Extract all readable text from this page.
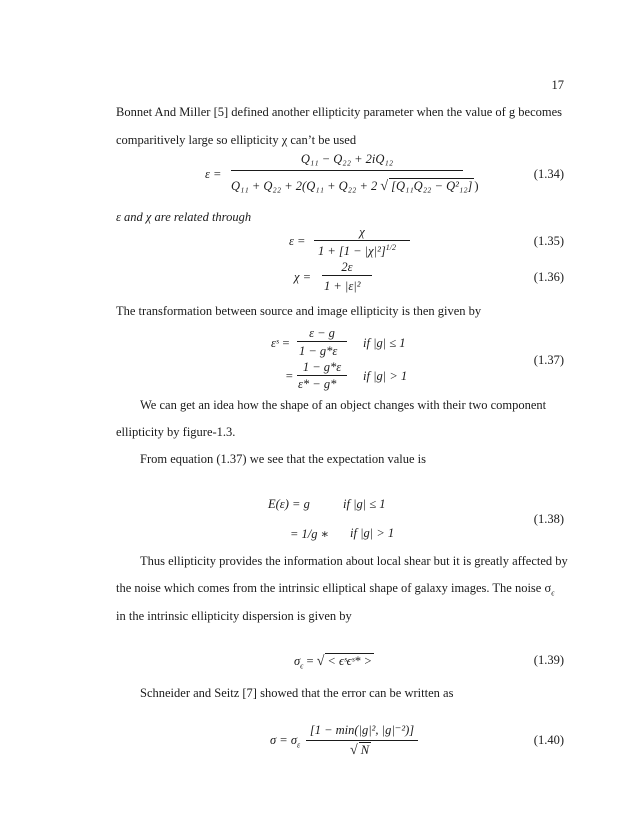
17
Bonnet And Miller [5] defined another ellipticity parameter when the value of g becomes
comparitively large so ellipticity χ can’t be used
ε =
Q₁₁ − Q₂₂ + 2iQ₁₂
Q₁₁ + Q₂₂ + 2(Q₁₁ + Q₂₂ + 2 √ [Q₁₁Q₂₂ − Q²₁₂] )
(1.34)
ε and χ are related through
ε =
χ
$1 + [1 - |\chi|^2]^{1/2}$	(1.35)
χ =
2ε
1 + |ε|²
(1.36)
The transformation between source and image ellipticity is then given by
εˢ =
ε − g
1 − g*ε
if |g| ≤ 1
=
1 − g*ε
ε* − g*
if |g| > 1
(1.37)
We can get an idea how the shape of an object changes with their two component
ellipticity by figure-1.3.
From equation (1.37) we see that the expectation value is
E(ε) = g	if |g| ≤ 1
= 1/g ∗ if |g| > 1
(1.38)
Thus ellipticity provides the information about local shear but it is greatly affected by
the noise which comes from the intrinsic elliptical shape of galaxy images. The noise $\sigma_\epsilon$
in the intrinsic ellipticity dispersion is given by
$\sigma_\epsilon$ = √ < ϵˢϵˢ* >	(1.39)
Schneider and Seitz [7] showed that the error can be written as
$\sigma = \sigma_\varepsilon$
[1 − min(|g|², |g|⁻²)]
√ N
(1.40)
